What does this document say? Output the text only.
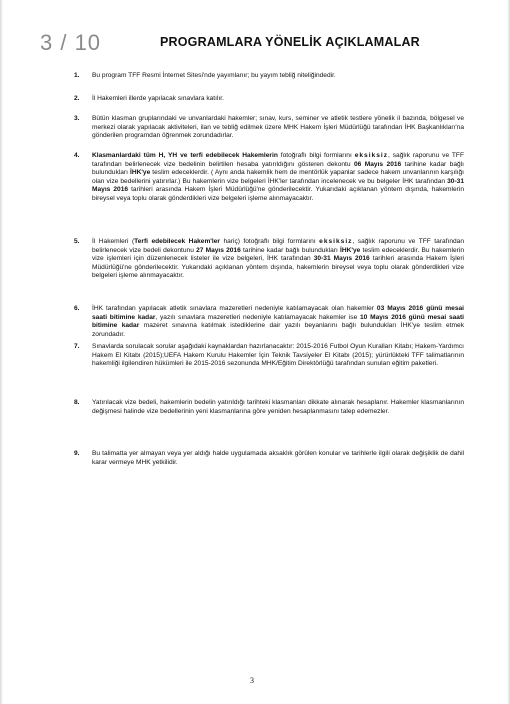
3 / 10	PROGRAMLARA YÖNELİK AÇIKLAMALAR
1. Bu program TFF Resmi İnternet Sitesi'nde yayımlanır; bu yayım tebliğ niteliğindedir.
2. İl Hakemleri illerde yapılacak sınavlara katılır.
3. Bütün klasman gruplarındaki ve unvanlardaki hakemler; sınav, kurs, seminer ve atletik testlere yönelik il bazında, bölgesel ve merkezi olarak yapılacak aktiviteleri, ilan ve tebliğ edilmek üzere MHK Hakem İşleri Müdürlüğü tarafından İHK Başkanlıkları'na gönderilen programdan öğrenmek zorundadırlar.
4. Klasmanlardaki tüm H, YH ve terfi edebilecek Hakemlerin fotoğraflı bilgi formlarını eksiksiz, sağlık raporunu ve TFF tarafından belirlenecek vize bedelinin belirtilen hesaba yatırıldığını gösteren dekontu 06 Mayıs 2016 tarihine kadar bağlı bulundukları İHK'ye teslim edeceklerdir. ( Aynı anda hakemlik hem de mentörlük yapanlar sadece hakem unvanlarının karşılığı olan vize bedellerini yatırırlar.) Bu hakemlerin vize belgeleri İHK'ler tarafından incelenecek ve bu belgeler İHK tarafından 30-31 Mayıs 2016 tarihleri arasında Hakem İşleri Müdürlüğü'ne gönderilecektir. Yukarıdaki açıklanan yöntem dışında, hakemlerin bireysel veya toplu olarak gönderdikleri vize belgeleri işleme alınmayacaktır.
5. İl Hakemleri (Terfi edebilecek Hakem'ler hariç) fotoğraflı bilgi formlarını eksiksiz, sağlık raporunu ve TFF tarafından belirlenecek vize bedeli dekontunu 27 Mayıs 2016 tarihine kadar bağlı bulundukları İHK'ye teslim edeceklerdir. Bu hakemlerin vize işlemleri için düzenlenecek listeler ile vize belgeleri, İHK tarafından 30-31 Mayıs 2016 tarihleri arasında Hakem İşleri Müdürlüğü'ne gönderilecektir. Yukarıdaki açıklanan yöntem dışında, hakemlerin bireysel veya toplu olarak gönderdikleri vize belgeleri işleme alınmayacaktır.
6. İHK tarafından yapılacak atletik sınavlara mazeretleri nedeniyle katılamayacak olan hakemler 03 Mayıs 2016 günü mesai saati bitimine kadar, yazılı sınavlara mazeretleri nedeniyle katılamayacak hakemler ise 10 Mayıs 2016 günü mesai saati bitimine kadar mazeret sınavına katılmak istediklerine dair yazılı beyanlarını bağlı bulundukları İHK'ye teslim etmek zorundadır.
7. Sınavlarda sorulacak sorular aşağıdaki kaynaklardan hazırlanacaktır: 2015-2016 Futbol Oyun Kuralları Kitabı; Hakem-Yardımcı Hakem El Kitabı (2015);UEFA Hakem Kurulu Hakemler İçin Teknik Tavsiyeler El Kitabı (2015); yürürlükteki TFF talimatlarının hakemliği ilgilendiren hükümleri ile 2015-2016 sezonunda MHK/Eğitim Direktörlüğü tarafından sunulan eğitim paketleri.
8. Yatırılacak vize bedeli, hakemlerin bedelin yatırıldığı tarihteki klasmanları dikkate alınarak hesaplanır. Hakemler klasmanlarının değişmesi halinde vize bedellerinin yeni klasmanlarına göre yeniden hesaplanmasını talep edemezler.
9. Bu talimatta yer almayan veya yer aldığı halde uygulamada aksaklık görülen konular ve tarihlerle ilgili olarak değişiklik de dahil karar vermeye MHK yetkilidir.
3
